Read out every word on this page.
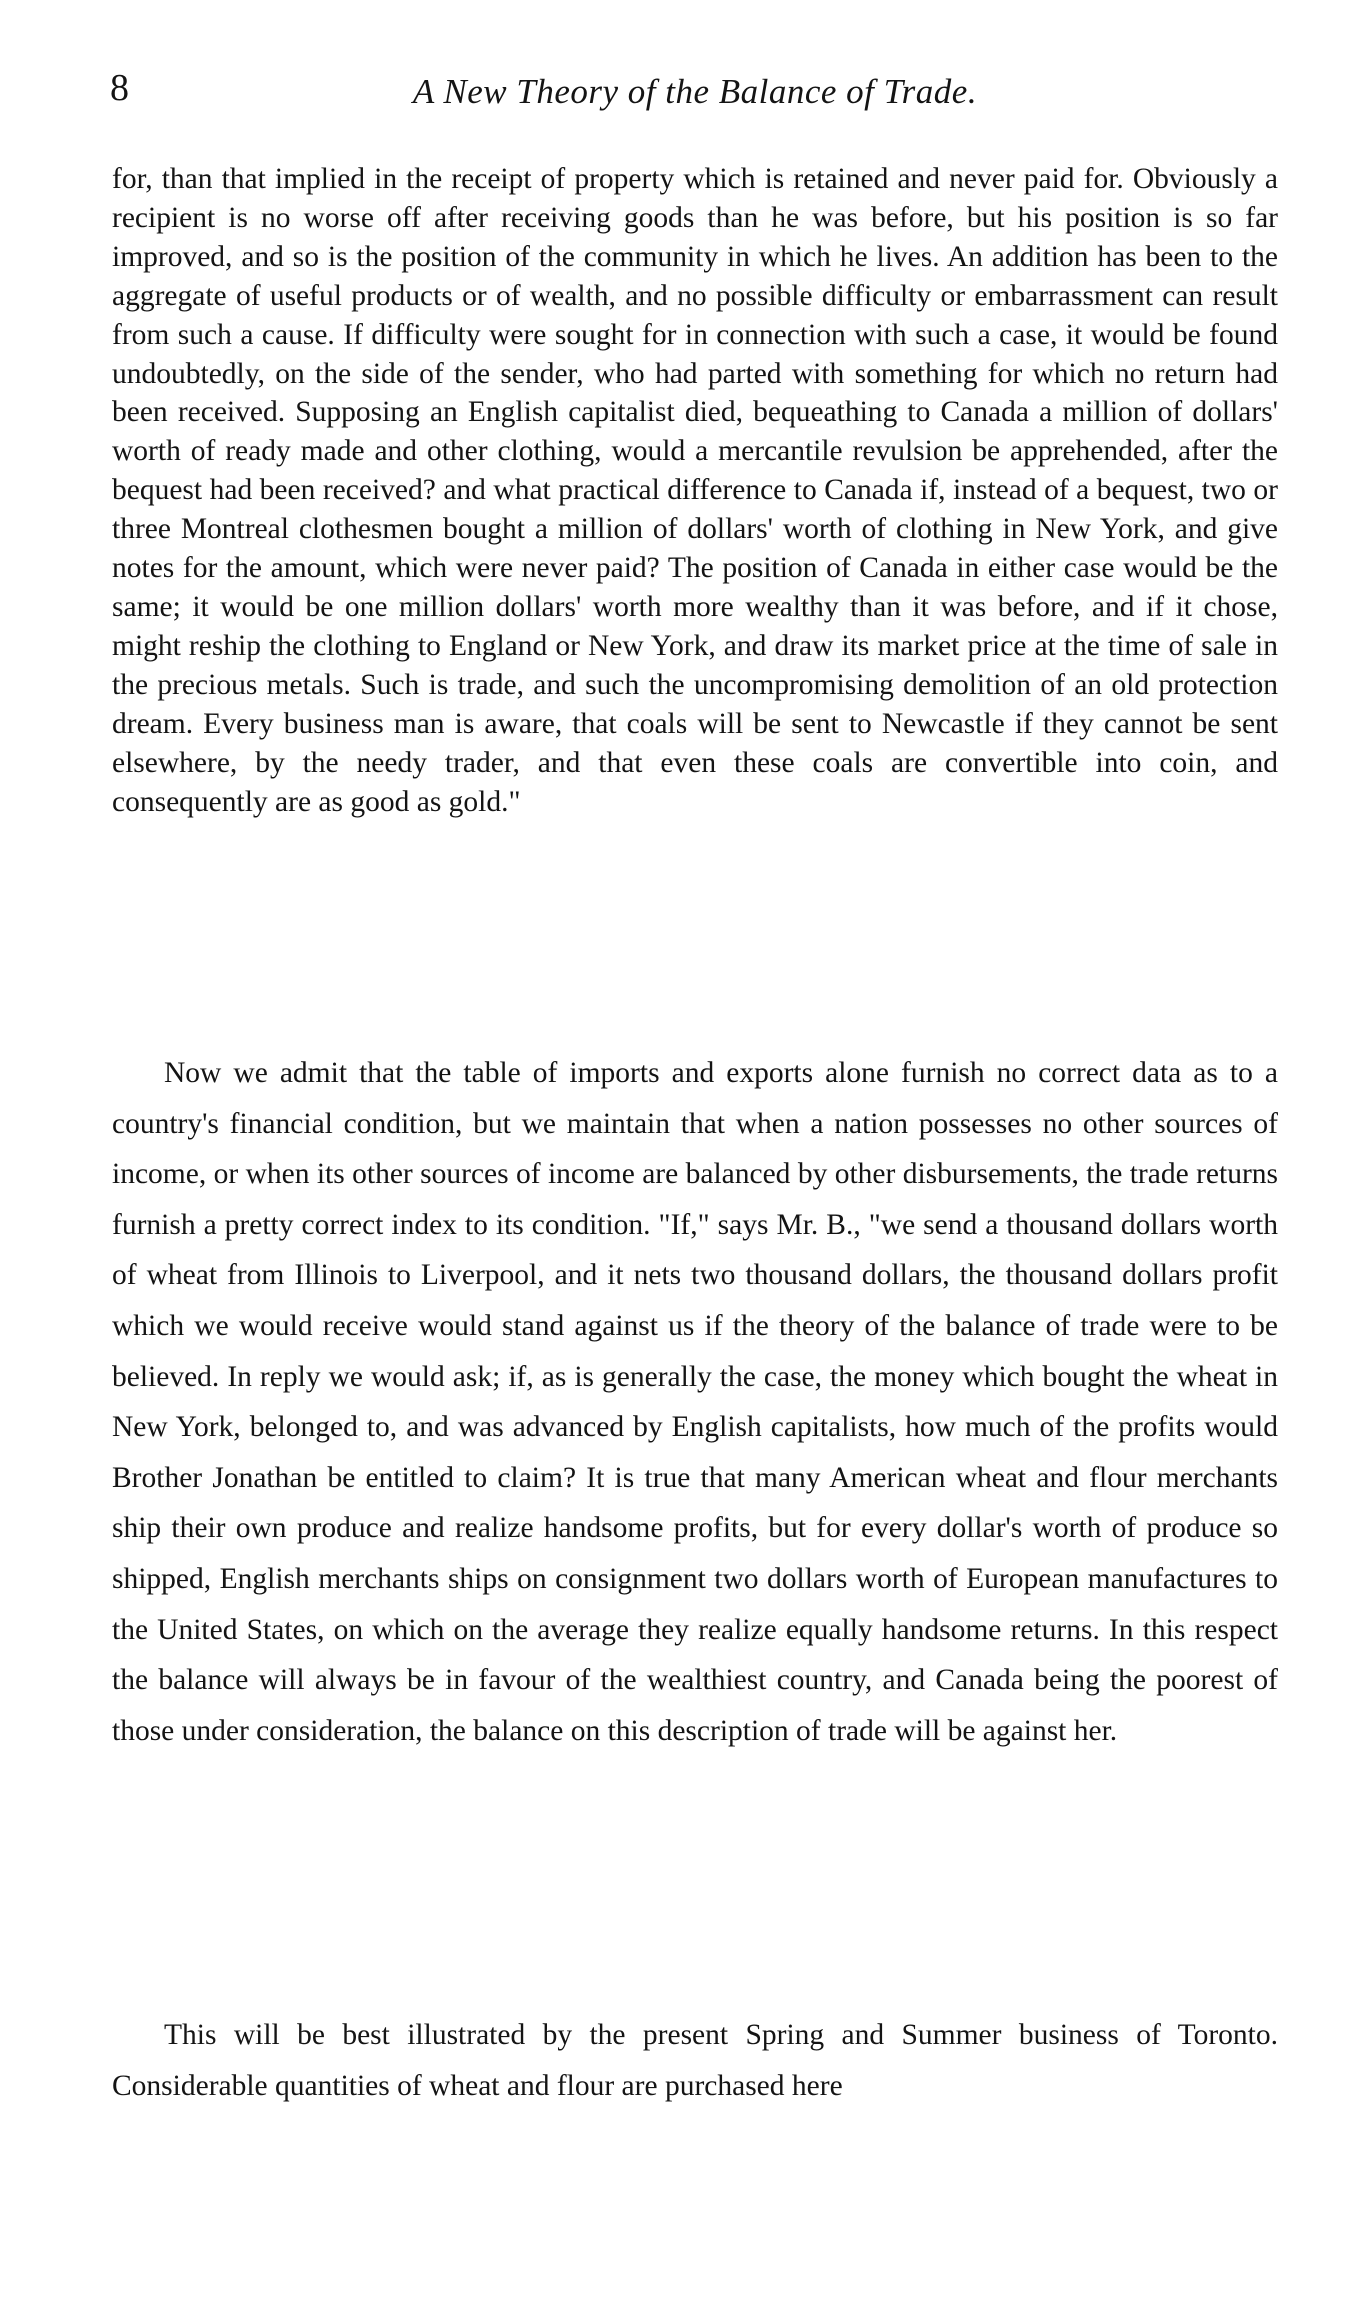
8	A New Theory of the Balance of Trade.

for, than that implied in the receipt of property which is retained and never paid for. Obviously a recipient is no worse off after receiving goods than he was before, but his position is so far improved, and so is the position of the community in which he lives. An addition has been to the aggregate of useful products or of wealth, and no possible difficulty or embarrassment can result from such a cause. If difficulty were sought for in connection with such a case, it would be found undoubtedly, on the side of the sender, who had parted with something for which no return had been received. Supposing an English capitalist died, bequeathing to Canada a million of dollars' worth of ready made and other clothing, would a mercantile revulsion be apprehended, after the bequest had been received? and what practical difference to Canada if, instead of a bequest, two or three Montreal clothesmen bought a million of dollars' worth of clothing in New York, and give notes for the amount, which were never paid? The position of Canada in either case would be the same; it would be one million dollars' worth more wealthy than it was before, and if it chose, might reship the clothing to England or New York, and draw its market price at the time of sale in the precious metals. Such is trade, and such the uncompromising demolition of an old protection dream. Every business man is aware, that coals will be sent to Newcastle if they cannot be sent elsewhere, by the needy trader, and that even these coals are convertible into coin, and consequently are as good as gold."

Now we admit that the table of imports and exports alone furnish no correct data as to a country's financial condition, but we maintain that when a nation possesses no other sources of income, or when its other sources of income are balanced by other disbursements, the trade returns furnish a pretty correct index to its condition. "If," says Mr. B., "we send a thousand dollars worth of wheat from Illinois to Liverpool, and it nets two thousand dollars, the thousand dollars profit which we would receive would stand against us if the theory of the balance of trade were to be believed. In reply we would ask; if, as is generally the case, the money which bought the wheat in New York, belonged to, and was advanced by English capitalists, how much of the profits would Brother Jonathan be entitled to claim? It is true that many American wheat and flour merchants ship their own produce and realize handsome profits, but for every dollar's worth of produce so shipped, English merchants ships on consignment two dollars worth of European manufactures to the United States, on which on the average they realize equally handsome returns. In this respect the balance will always be in favour of the wealthiest country, and Canada being the poorest of those under consideration, the balance on this description of trade will be against her.

This will be best illustrated by the present Spring and Summer business of Toronto. Considerable quantities of wheat and flour are purchased here
